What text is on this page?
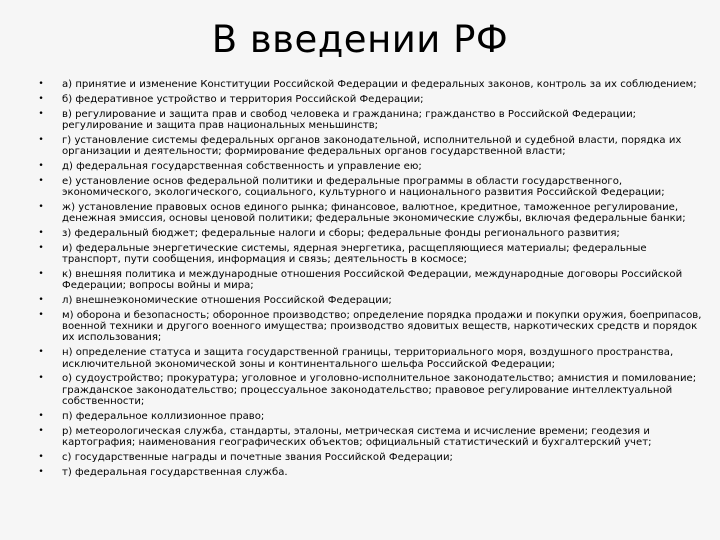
В введении РФ
• а) принятие и изменение Конституции Российской Федерации и федеральных законов, контроль за их соблюдением;
• б) федеративное устройство и территория Российской Федерации;
• в) регулирование и защита прав и свобод человека и гражданина; гражданство в Российской Федерации; регулирование и защита прав национальных меньшинств;
• г) установление системы федеральных органов законодательной, исполнительной и судебной власти, порядка их организации и деятельности; формирование федеральных органов государственной власти;
• д) федеральная государственная собственность и управление ею;
• е) установление основ федеральной политики и федеральные программы в области государственного, экономического, экологического, социального, культурного и национального развития Российской Федерации;
• ж) установление правовых основ единого рынка; финансовое, валютное, кредитное, таможенное регулирование, денежная эмиссия, основы ценовой политики; федеральные экономические службы, включая федеральные банки;
• з) федеральный бюджет; федеральные налоги и сборы; федеральные фонды регионального развития;
• и) федеральные энергетические системы, ядерная энергетика, расщепляющиеся материалы; федеральные транспорт, пути сообщения, информация и связь; деятельность в космосе;
• к) внешняя политика и международные отношения Российской Федерации, международные договоры Российской Федерации; вопросы войны и мира;
• л) внешнеэкономические отношения Российской Федерации;
• м) оборона и безопасность; оборонное производство; определение порядка продажи и покупки оружия, боеприпасов, военной техники и другого военного имущества; производство ядовитых веществ, наркотических средств и порядок их использования;
• н) определение статуса и защита государственной границы, территориального моря, воздушного пространства, исключительной экономической зоны и континентального шельфа Российской Федерации;
• о) судоустройство; прокуратура; уголовное и уголовно-исполнительное законодательство; амнистия и помилование; гражданское законодательство; процессуальное законодательство; правовое регулирование интеллектуальной собственности;
• п) федеральное коллизионное право;
• р) метеорологическая служба, стандарты, эталоны, метрическая система и исчисление времени; геодезия и картография; наименования географических объектов; официальный статистический и бухгалтерский учет;
• с) государственные награды и почетные звания Российской Федерации;
• т) федеральная государственная служба.
